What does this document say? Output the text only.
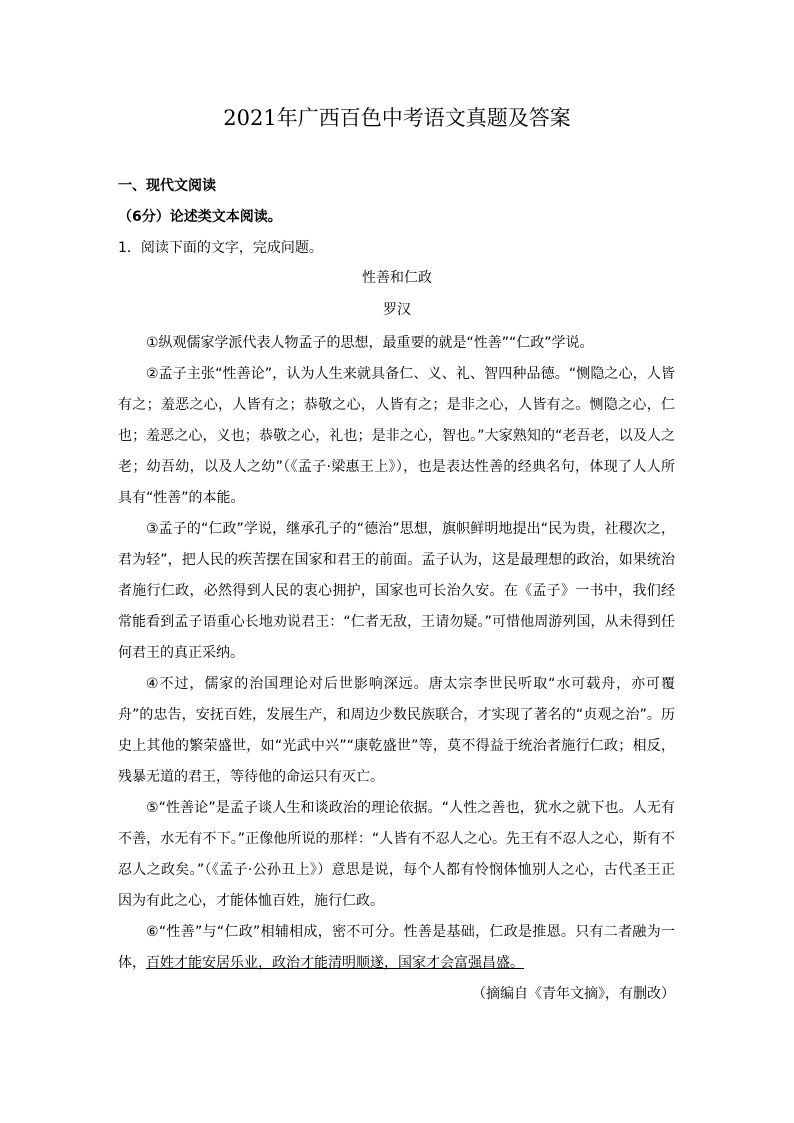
2021年广西百色中考语文真题及答案
一、现代文阅读
（6分）论述类文本阅读。
1．阅读下面的文字，完成问题。
性善和仁政
罗汉

①纵观儒家学派代表人物孟子的思想，最重要的就是“性善”“仁政”学说。

②孟子主张“性善论”，认为人生来就具备仁、义、礼、智四种品德。“恻隐之心，人皆有之；羞恶之心，人皆有之；恭敬之心，人皆有之；是非之心，人皆有之。恻隐之心，仁也；羞恶之心，义也；恭敬之心，礼也；是非之心，智也。”大家熟知的“老吾老，以及人之老；幼吾幼，以及人之幼”（《孟子·梁惠王上》），也是表达性善的经典名句，体现了人人所具有“性善”的本能。

③孟子的“仁政”学说，继承孔子的“德治”思想，旗帜鲜明地提出“民为贵，社稷次之，君为轻”，把人民的疾苦摆在国家和君王的前面。孟子认为，这是最理想的政治，如果统治者施行仁政，必然得到人民的衷心拥护，国家也可长治久安。在《孟子》一书中，我们经常能看到孟子语重心长地劝说君王：“仁者无敌，王请勿疑。”可惜他周游列国，从未得到任何君王的真正采纳。

④不过，儒家的治国理论对后世影响深远。唐太宗李世民听取“水可载舟，亦可覆舟”的忠告，安抚百姓，发展生产，和周边少数民族联合，才实现了著名的“贞观之治”。历史上其他的繁荣盛世，如“光武中兴”“康乾盛世”等，莫不得益于统治者施行仁政；相反，残暴无道的君王，等待他的命运只有灭亡。

⑤“性善论”是孟子谈人生和谈政治的理论依据。“人性之善也，犹水之就下也。人无有不善，水无有不下。”正像他所说的那样：“人皆有不忍人之心。先王有不忍人之心，斯有不忍人之政矣。”（《孟子·公孙丑上》）意思是说，每个人都有怜悯体恤别人之心，古代圣王正因为有此之心，才能体恤百姓，施行仁政。

⑥“性善”与“仁政”相辅相成，密不可分。性善是基础，仁政是推恩。只有二者融为一体，百姓才能安居乐业，政治才能清明顺遂，国家才会富强昌盛。

（摘编自《青年文摘》，有删改）
